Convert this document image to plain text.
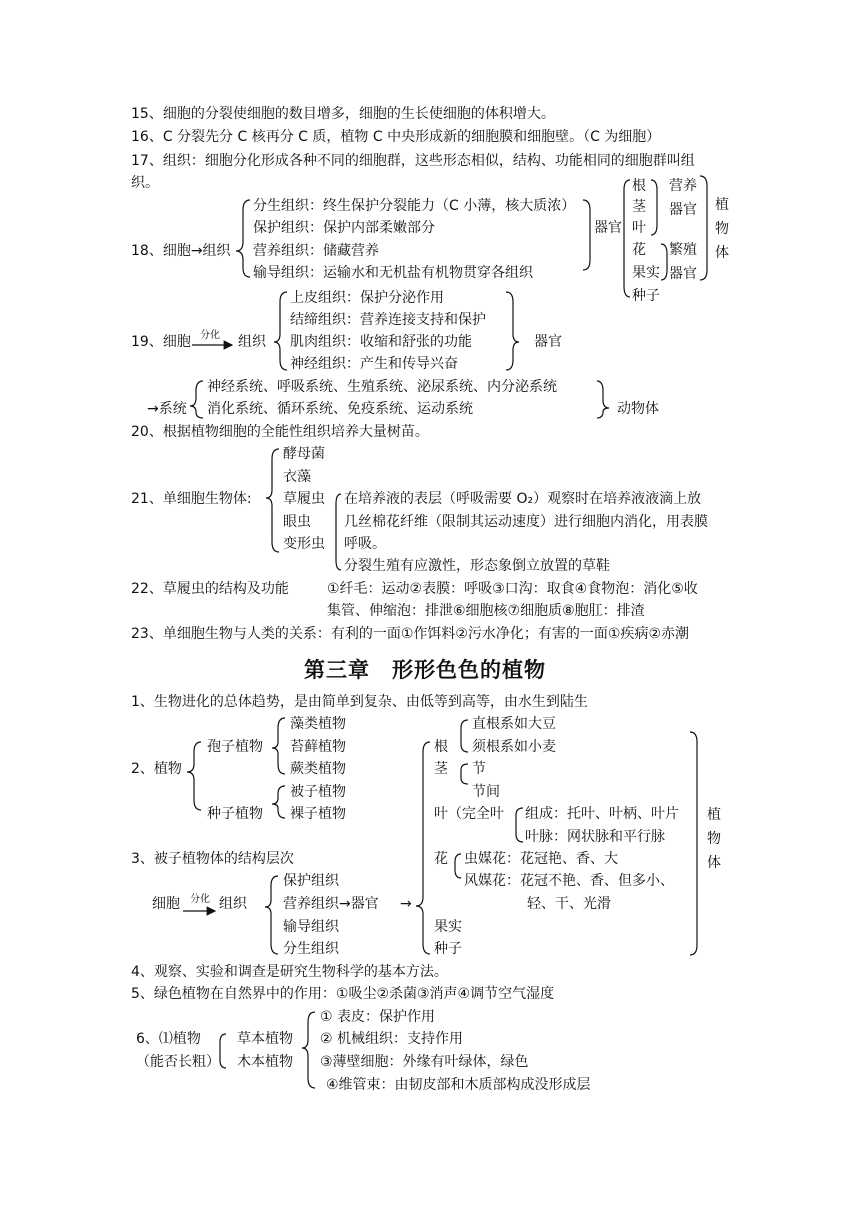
15、细胞的分裂使细胞的数目增多，细胞的生长使细胞的体积增大。
16、C 分裂先分 C 核再分 C 质，植物 C 中央形成新的细胞膜和细胞壁。（C 为细胞）
17、组织：细胞分化形成各种不同的细胞群，这些形态相似，结构、功能相同的细胞群叫组
织。
18、细胞→组织
分生组织：终生保护分裂能力（C 小薄，核大质浓）
保护组织：保护内部柔嫩部分
营养组织：储藏营养
输导组织：运输水和无机盐有机物贯穿各组织
器官
根
茎
叶
花
果实
种子
营养器官
繁殖器官
植物体
19、细胞 分化 组织
上皮组织：保护分泌作用
结缔组织：营养连接支持和保护
肌肉组织：收缩和舒张的功能
神经组织：产生和传导兴奋
器官
→系统
神经系统、呼吸系统、生殖系统、泌尿系统、内分泌系统
消化系统、循环系统、免疫系统、运动系统	动物体
20、根据植物细胞的全能性组织培养大量树苗。
21、单细胞生物体:
酵母菌
衣藻
草履虫
眼虫
变形虫
在培养液的表层（呼吸需要 O₂）观察时在培养液液滴上放
几丝棉花纤维（限制其运动速度）进行细胞内消化，用表膜
呼吸。
分裂生殖有应激性，形态象倒立放置的草鞋
22、草履虫的结构及功能	①纤毛：运动②表膜：呼吸③口沟：取食④食物泡：消化⑤收
集管、伸缩泡：排泄⑥细胞核⑦细胞质⑧胞肛：排渣
23、单细胞生物与人类的关系：有利的一面①作饵料②污水净化；有害的一面①疾病②赤潮
第三章　形形色色的植物
1、生物进化的总体趋势，是由简单到复杂、由低等到高等，由水生到陆生
2、植物
孢子植物
藻类植物
苔藓植物
蕨类植物
种子植物
被子植物
裸子植物
3、被子植物体的结构层次
细胞 分化 组织
保护组织
营养组织→器官
输导组织
分生组织
→
根
直根系如大豆
须根系如小麦
茎 节
节间
叶（完全叶 组成：托叶、叶柄、叶片
叶脉：网状脉和平行脉
花 虫媒花：花冠艳、香、大
风媒花：花冠不艳、香、但多小、
轻、干、光滑
果实
种子
植物体
4、观察、实验和调查是研究生物科学的基本方法。
5、绿色植物在自然界中的作用：①吸尘②杀菌③消声④调节空气湿度
6、⑴植物
（能否长粗）
草本植物
木本植物
① 表皮：保护作用
② 机械组织：支持作用
③薄壁细胞：外缘有叶绿体，绿色
④维管束：由韧皮部和木质部构成没形成层
